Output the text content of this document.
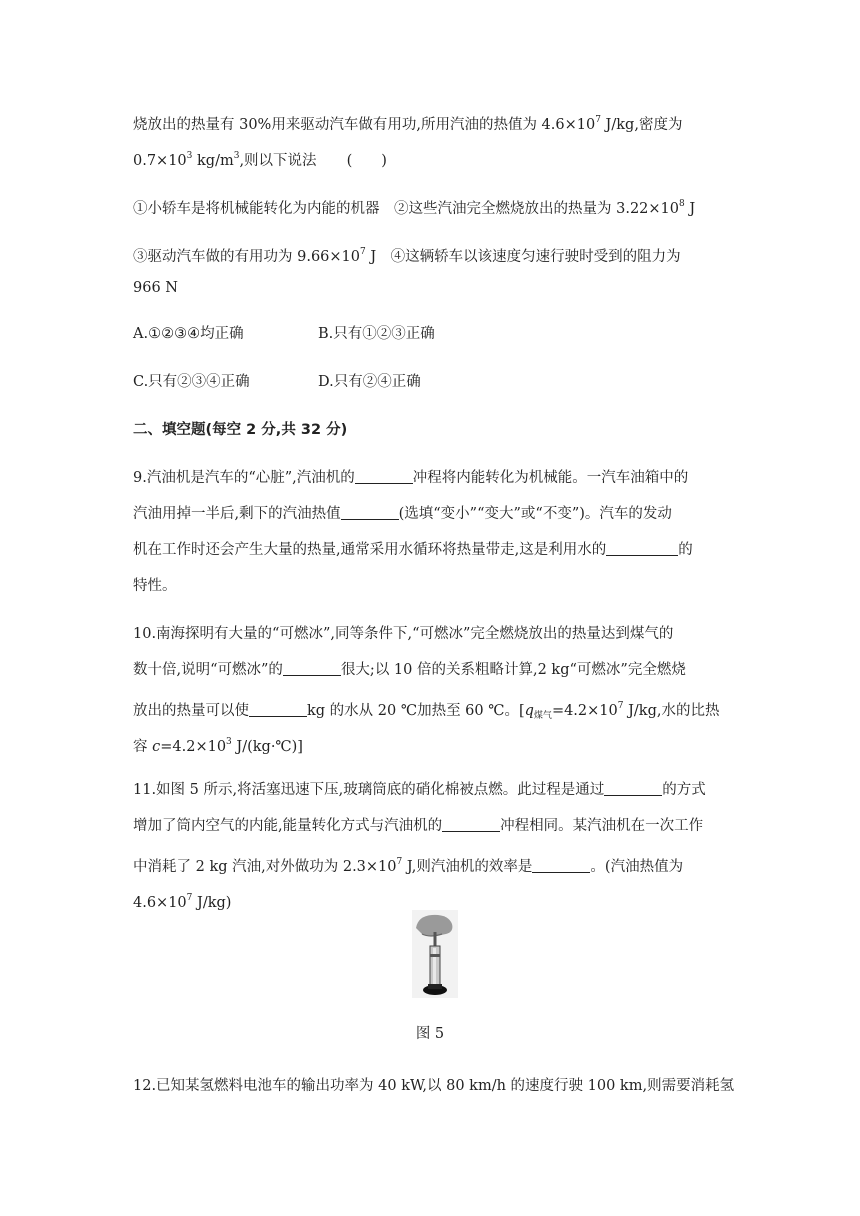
烧放出的热量有 30%用来驱动汽车做有用功,所用汽油的热值为 $4.6\times 10^7$ J/kg,密度为
$0.7\times 10^3$ $kg/m^3$,则以下说法 (　　)
①小轿车是将机械能转化为内能的机器　②这些汽油完全燃烧放出的热量为 $3.22\times 10^8$ J
③驱动汽车做的有用功为 $9.66\times 10^7$ J　④这辆轿车以该速度匀速行驶时受到的阻力为
966 N
A.①②③④均正确	B.只有①②③正确
C.只有②③④正确	D.只有②④正确
二、填空题(每空 2 分,共 32 分)
9.汽油机是汽车的“心脏”,汽油机的	冲程将内能转化为机械能。一汽车油箱中的
汽油用掉一半后,剩下的汽油热值	(选填“变小”“变大”或“不变”)。汽车的发动
机在工作时还会产生大量的热量,通常采用水循环将热量带走,这是利用水的	的
特性。
10.南海探明有大量的“可燃冰”,同等条件下,“可燃冰”完全燃烧放出的热量达到煤气的
数十倍,说明“可燃冰”的	很大;以 10 倍的关系粗略计算,2 kg“可燃冰”完全燃烧
放出的热量可以使	kg 的水从 20 ℃加热至 60 ℃。[$q_{煤气}=4.2\times 10^7$ J/kg,水的比热
容 $c=4.2\times 10^3$ J/(kg·℃)]
11.如图 5 所示,将活塞迅速下压,玻璃筒底的硝化棉被点燃。此过程是通过	的方式
增加了筒内空气的内能,能量转化方式与汽油机的	冲程相同。某汽油机在一次工作
中消耗了 2 kg 汽油,对外做功为 $2.3\times 10^7$ J,则汽油机的效率是	。(汽油热值为
$4.6\times 10^7$ J/kg)
图 5
12.已知某氢燃料电池车的输出功率为 40 kW,以 80 km/h 的速度行驶 100 km,则需要消耗氢
